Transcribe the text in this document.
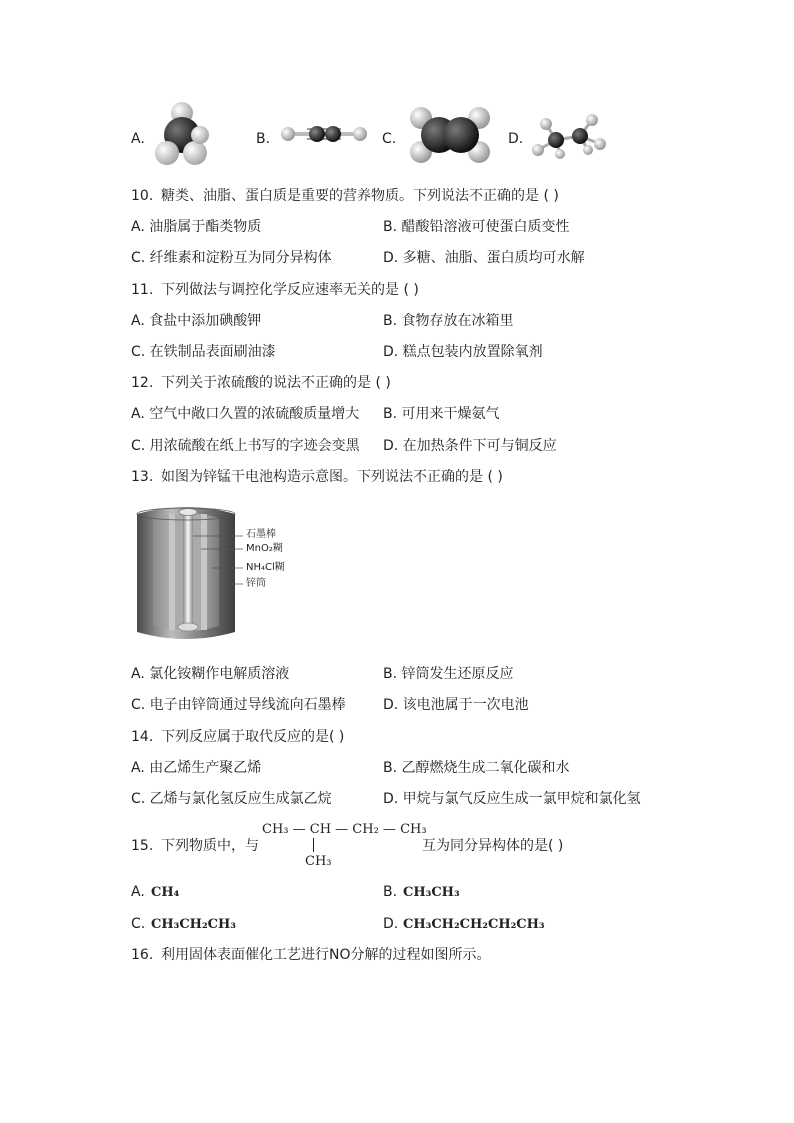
A.	B.	C.	D.
10. 糖类、油脂、蛋白质是重要的营养物质。下列说法不正确的是 ( )
A. 油脂属于酯类物质	B. 醋酸铅溶液可使蛋白质变性
C. 纤维素和淀粉互为同分异构体	D. 多糖、油脂、蛋白质均可水解
11. 下列做法与调控化学反应速率无关的是 ( )
A. 食盐中添加碘酸钾	B. 食物存放在冰箱里
C. 在铁制品表面刷油漆	D. 糕点包装内放置除氧剂
12. 下列关于浓硫酸的说法不正确的是 ( )
A. 空气中敞口久置的浓硫酸质量增大 B. 可用来干燥氨气
C. 用浓硫酸在纸上书写的字迹会变黑 D. 在加热条件下可与铜反应
13. 如图为锌锰干电池构造示意图。下列说法不正确的是 ( )
石墨棒
MnO₂糊
NH₄Cl糊
锌筒
A. 氯化铵糊作电解质溶液	B. 锌筒发生还原反应
C. 电子由锌筒通过导线流向石墨棒	D. 该电池属于一次电池
14. 下列反应属于取代反应的是( )
A. 由乙烯生产聚乙烯	B. 乙醇燃烧生成二氧化碳和水
C. 乙烯与氯化氢反应生成氯乙烷	D. 甲烷与氯气反应生成一氯甲烷和氯化氢
CH₃ — CH — CH₂ — CH₃
CH₃
15. 下列物质中，与	互为同分异构体的是( )
A. CH₄	B. CH₃CH₃
C. CH₃CH₂CH₃	D. CH₃CH₂CH₂CH₂CH₃
16. 利用固体表面催化工艺进行NO分解的过程如图所示。
